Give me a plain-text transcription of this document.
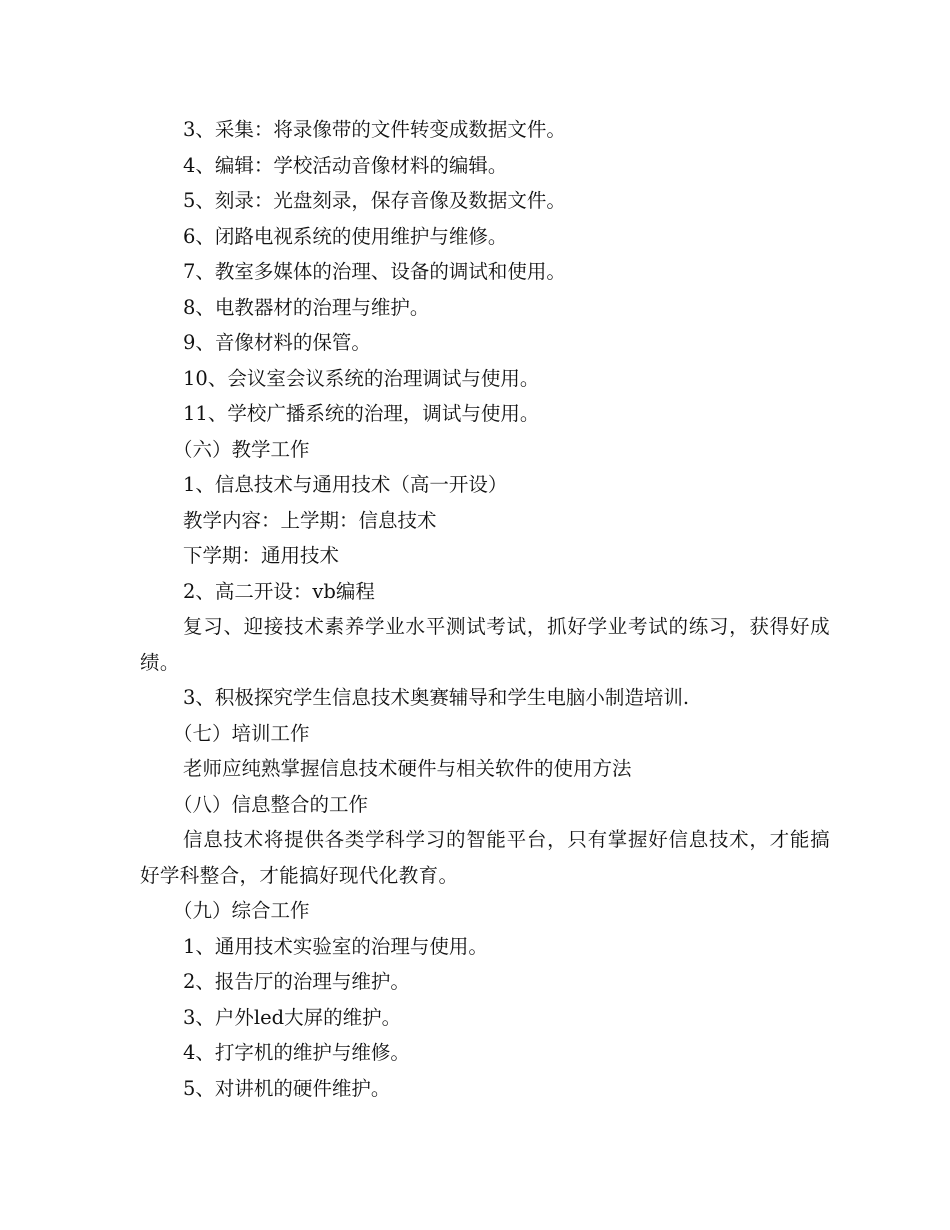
3、采集：将录像带的文件转变成数据文件。
4、编辑：学校活动音像材料的编辑。
5、刻录：光盘刻录，保存音像及数据文件。
6、闭路电视系统的使用维护与维修。
7、教室多媒体的治理、设备的调试和使用。
8、电教器材的治理与维护。
9、音像材料的保管。
10、会议室会议系统的治理调试与使用。
11、学校广播系统的治理，调试与使用。
（六）教学工作
1、信息技术与通用技术（高一开设）
教学内容：上学期：信息技术
下学期：通用技术
2、高二开设：vb编程
复习、迎接技术素养学业水平测试考试，抓好学业考试的练习，获得好成绩。
3、积极探究学生信息技术奥赛辅导和学生电脑小制造培训.
（七）培训工作
老师应纯熟掌握信息技术硬件与相关软件的使用方法
（八）信息整合的工作
信息技术将提供各类学科学习的智能平台，只有掌握好信息技术，才能搞好学科整合，才能搞好现代化教育。
（九）综合工作
1、通用技术实验室的治理与使用。
2、报告厅的治理与维护。
3、户外led大屏的维护。
4、打字机的维护与维修。
5、对讲机的硬件维护。
